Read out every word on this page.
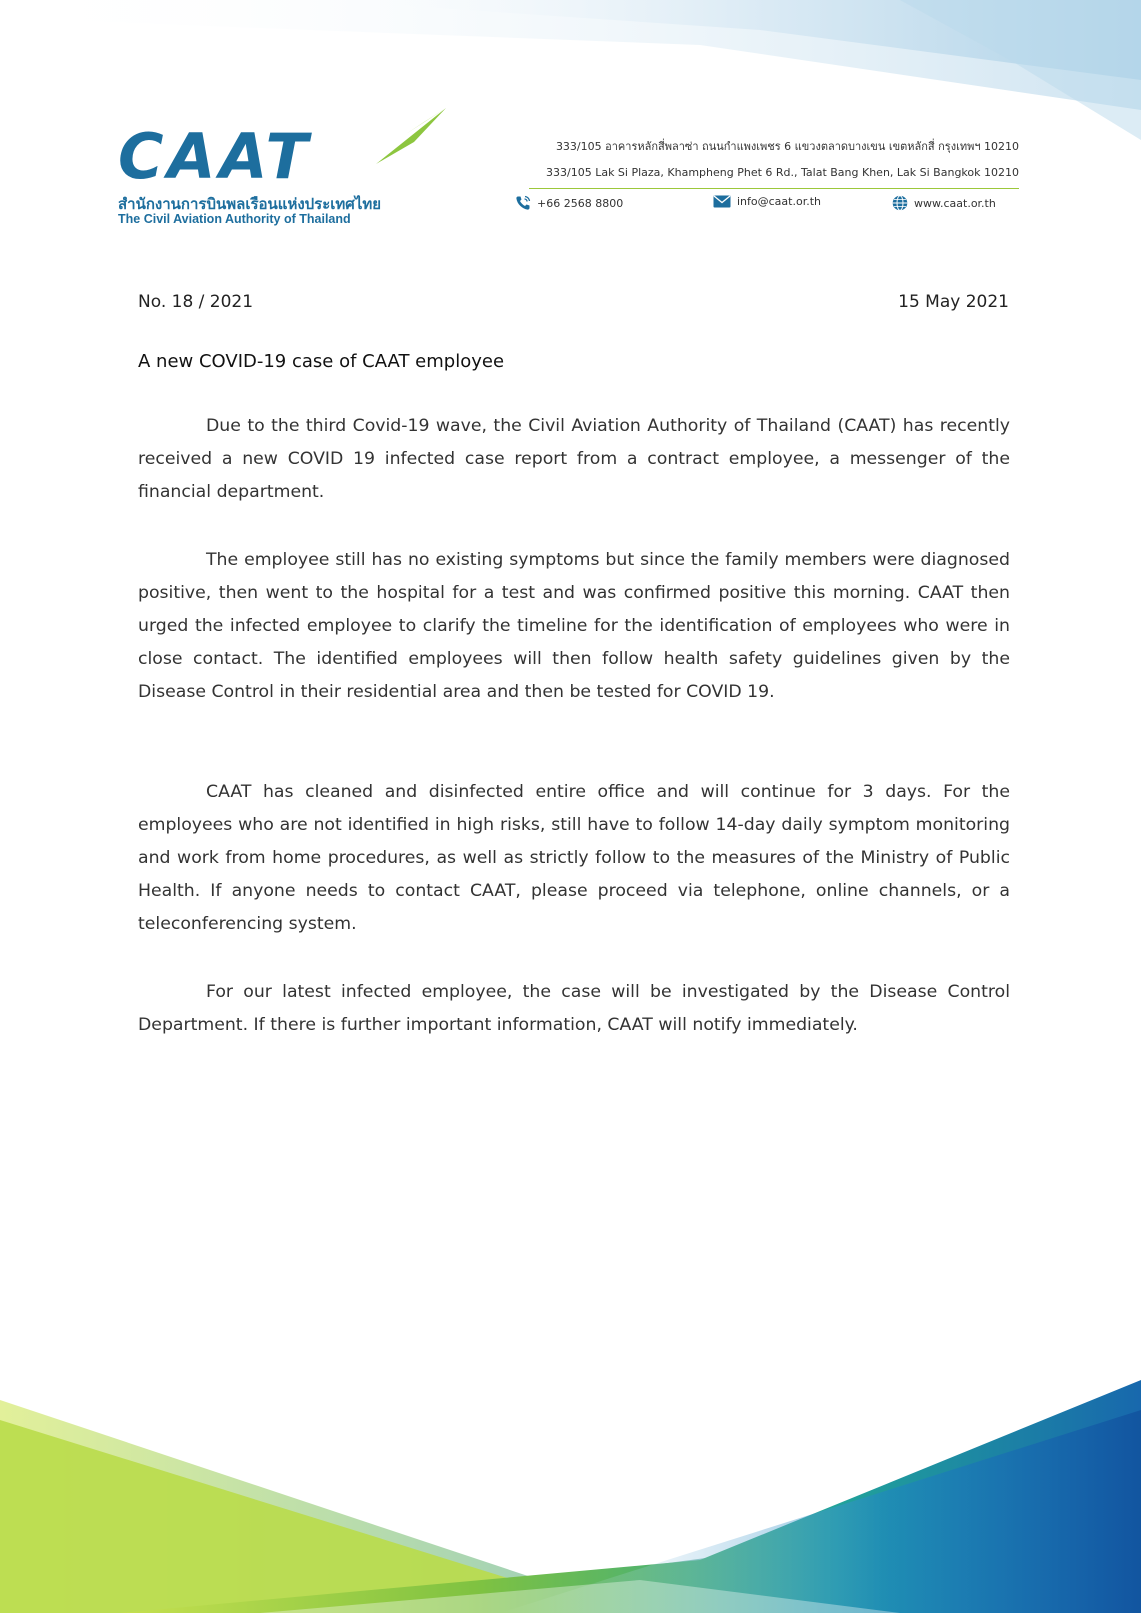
CAAT
สำนักงานการบินพลเรือนแห่งประเทศไทย
The Civil Aviation Authority of Thailand
333/105 อาคารหลักสี่พลาซ่า ถนนกำแพงเพชร 6 แขวงตลาดบางเขน เขตหลักสี่ กรุงเทพฯ 10210
333/105 Lak Si Plaza, Khampheng Phet 6 Rd., Talat Bang Khen, Lak Si Bangkok 10210
+66 2568 8800	info@caat.or.th	www.caat.or.th
No. 18 / 2021	15 May 2021
A new COVID-19 case of CAAT employee

Due to the third Covid-19 wave, the Civil Aviation Authority of Thailand (CAAT) has recently received a new COVID 19 infected case report from a contract employee, a messenger of the financial department.

The employee still has no existing symptoms but since the family members were diagnosed positive, then went to the hospital for a test and was confirmed positive this morning. CAAT then urged the infected employee to clarify the timeline for the identification of employees who were in close contact. The identified employees will then follow health safety guidelines given by the Disease Control in their residential area and then be tested for COVID 19.

CAAT has cleaned and disinfected entire office and will continue for 3 days. For the employees who are not identified in high risks, still have to follow 14-day daily symptom monitoring and work from home procedures, as well as strictly follow to the measures of the Ministry of Public Health. If anyone needs to contact CAAT, please proceed via telephone, online channels, or a teleconferencing system.

For our latest infected employee, the case will be investigated by the Disease Control Department. If there is further important information, CAAT will notify immediately.
